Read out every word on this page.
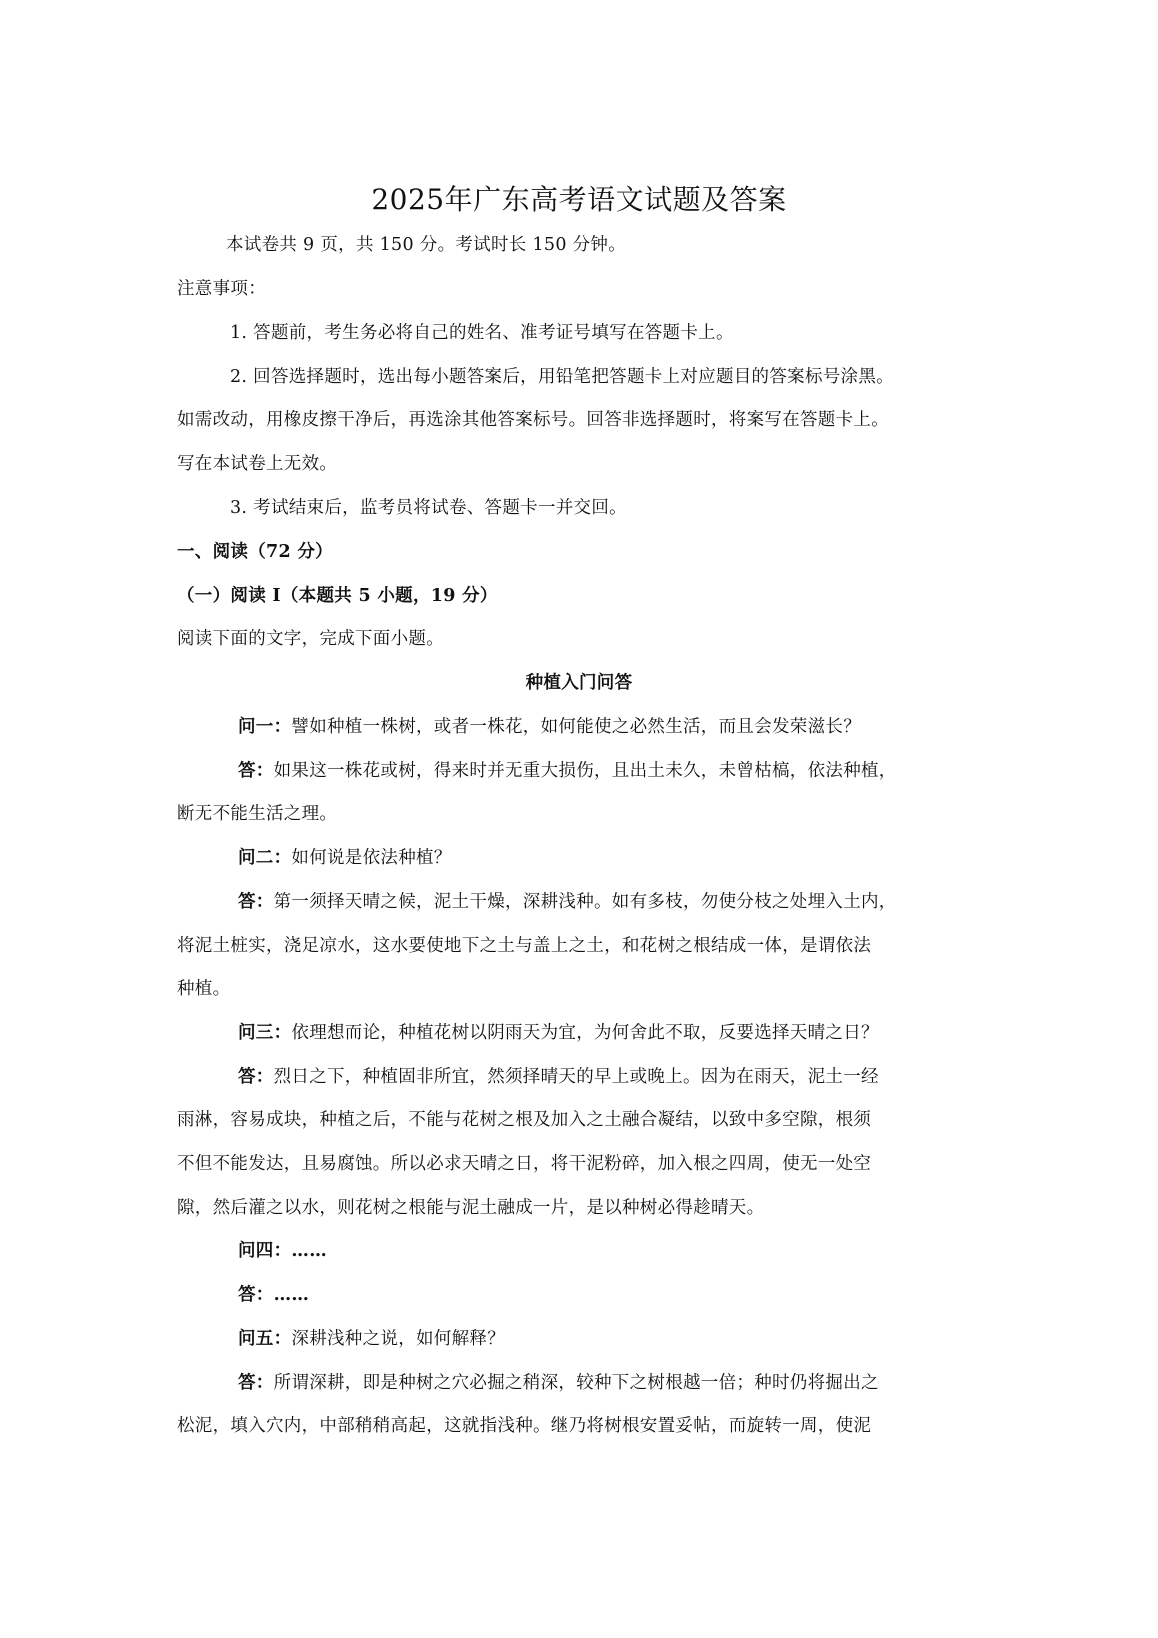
2025年广东高考语文试题及答案
本试卷共 9 页，共 150 分。考试时长 150 分钟。
注意事项：
1. 答题前，考生务必将自己的姓名、准考证号填写在答题卡上。
2. 回答选择题时，选出每小题答案后，用铅笔把答题卡上对应题目的答案标号涂黑。
如需改动，用橡皮擦干净后，再选涂其他答案标号。回答非选择题时，将案写在答题卡上。
写在本试卷上无效。
3. 考试结束后，监考员将试卷、答题卡一并交回。
一、阅读（72 分）
（一）阅读 I（本题共 5 小题，19 分）
阅读下面的文字，完成下面小题。
种植入门问答
问一：譬如种植一株树，或者一株花，如何能使之必然生活，而且会发荣滋长？
答：如果这一株花或树，得来时并无重大损伤，且出土未久，未曾枯槁，依法种植，
断无不能生活之理。
问二：如何说是依法种植？
答：第一须择天晴之候，泥土干燥，深耕浅种。如有多枝，勿使分枝之处埋入土内，
将泥土桩实，浇足凉水，这水要使地下之土与盖上之土，和花树之根结成一体，是谓依法
种植。
问三：依理想而论，种植花树以阴雨天为宜，为何舍此不取，反要选择天晴之日？
答：烈日之下，种植固非所宜，然须择晴天的早上或晚上。因为在雨天，泥土一经
雨淋，容易成块，种植之后，不能与花树之根及加入之土融合凝结，以致中多空隙，根须
不但不能发达，且易腐蚀。所以必求天晴之日，将干泥粉碎，加入根之四周，使无一处空
隙，然后灌之以水，则花树之根能与泥土融成一片，是以种树必得趁晴天。
问四：……
答：……
问五：深耕浅种之说，如何解释？
答：所谓深耕，即是种树之穴必掘之稍深，较种下之树根越一倍；种时仍将掘出之
松泥，填入穴内，中部稍稍高起，这就指浅种。继乃将树根安置妥帖，而旋转一周，使泥
